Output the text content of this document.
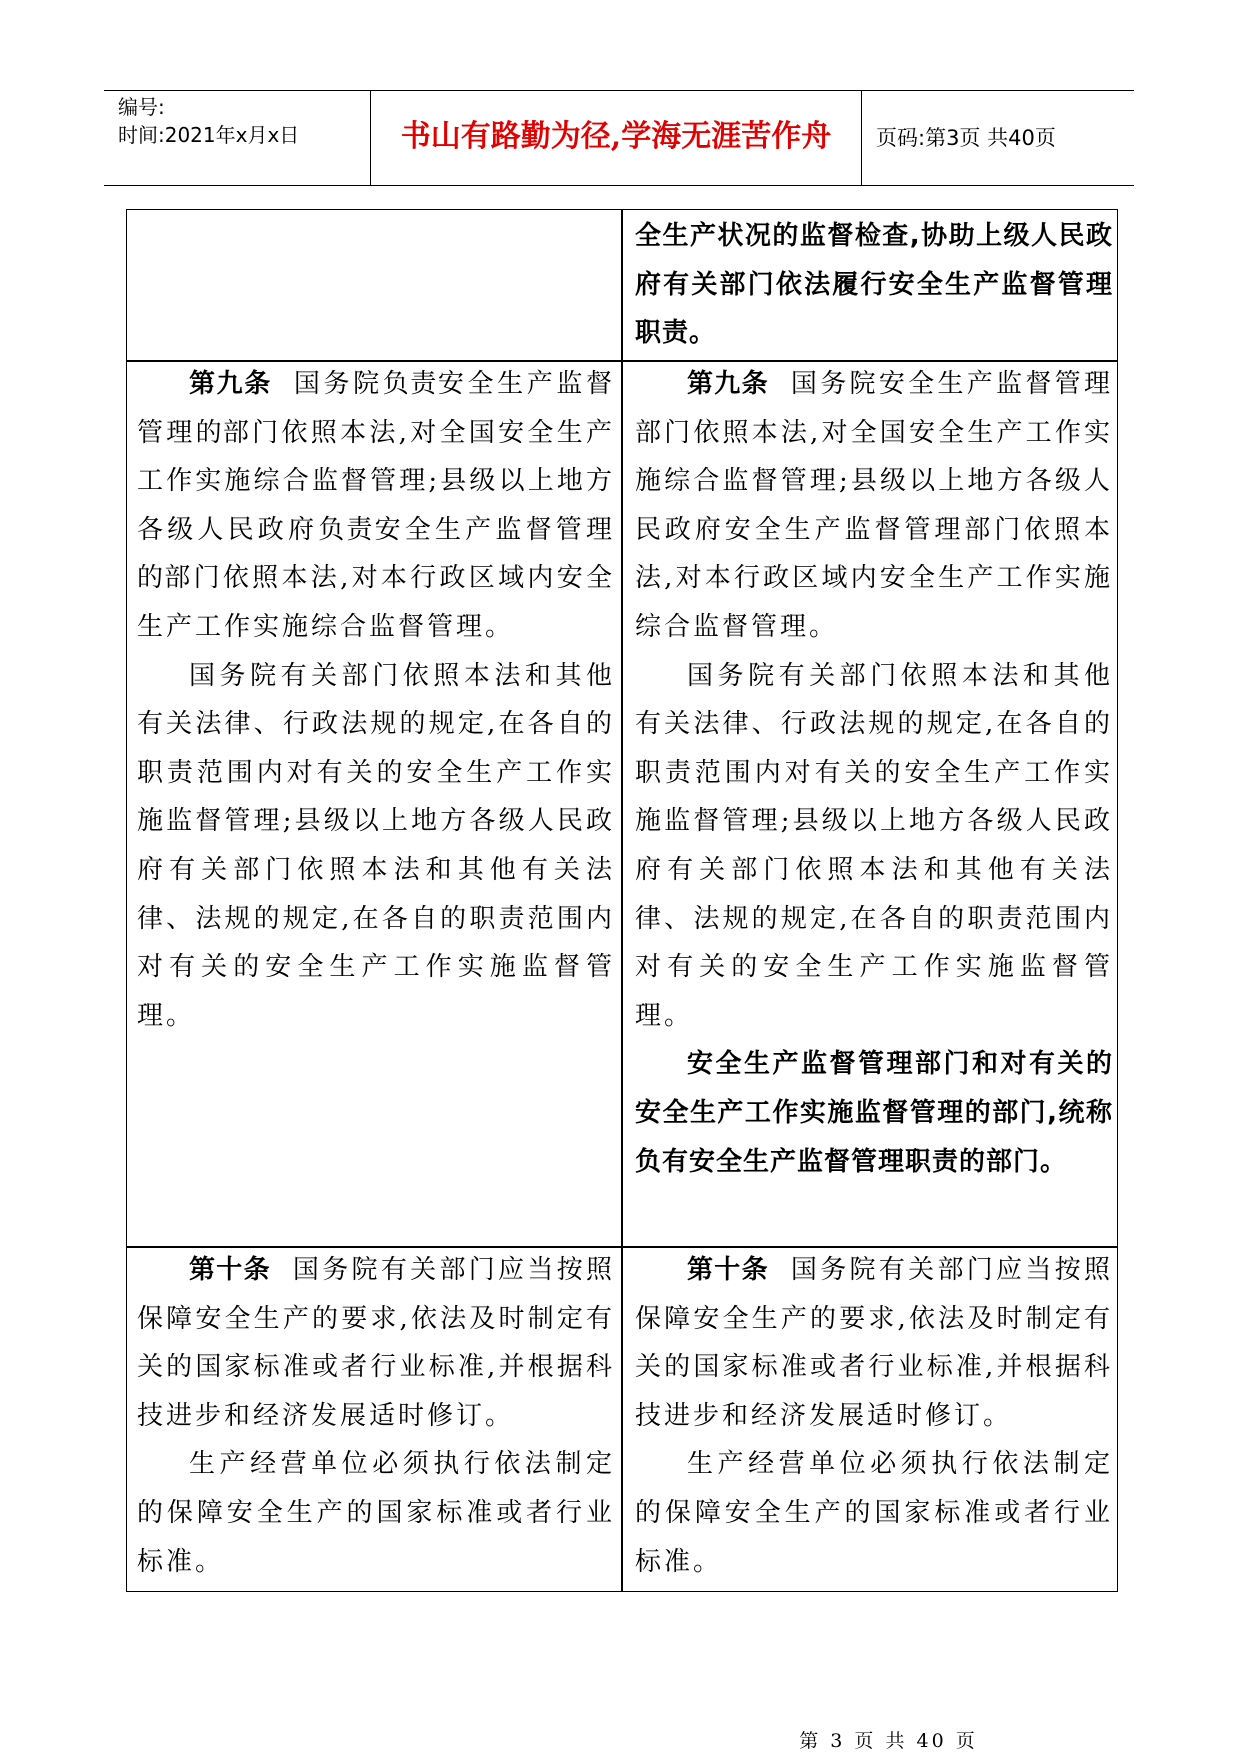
编号:
时间:2021年x月x日	书山有路勤为径,学海无涯苦作舟	页码:第3页 共40页

全生产状况的监督检查,协助上级人民政府有关部门依法履行安全生产监督管理职责。

第九条 国务院负责安全生产监督管理的部门依照本法,对全国安全生产工作实施综合监督管理;县级以上地方各级人民政府负责安全生产监督管理的部门依照本法,对本行政区域内安全生产工作实施综合监督管理。

国务院有关部门依照本法和其他有关法律、行政法规的规定,在各自的职责范围内对有关的安全生产工作实施监督管理;县级以上地方各级人民政府有关部门依照本法和其他有关法律、法规的规定,在各自的职责范围内对有关的安全生产工作实施监督管理。

第九条 国务院安全生产监督管理部门依照本法,对全国安全生产工作实施综合监督管理;县级以上地方各级人民政府安全生产监督管理部门依照本法,对本行政区域内安全生产工作实施综合监督管理。

国务院有关部门依照本法和其他有关法律、行政法规的规定,在各自的职责范围内对有关的安全生产工作实施监督管理;县级以上地方各级人民政府有关部门依照本法和其他有关法律、法规的规定,在各自的职责范围内对有关的安全生产工作实施监督管理。

安全生产监督管理部门和对有关的安全生产工作实施监督管理的部门,统称负有安全生产监督管理职责的部门。

第十条 国务院有关部门应当按照保障安全生产的要求,依法及时制定有关的国家标准或者行业标准,并根据科技进步和经济发展适时修订。

生产经营单位必须执行依法制定的保障安全生产的国家标准或者行业标准。

第十条 国务院有关部门应当按照保障安全生产的要求,依法及时制定有关的国家标准或者行业标准,并根据科技进步和经济发展适时修订。

生产经营单位必须执行依法制定的保障安全生产的国家标准或者行业标准。

第 3 页 共 40 页
